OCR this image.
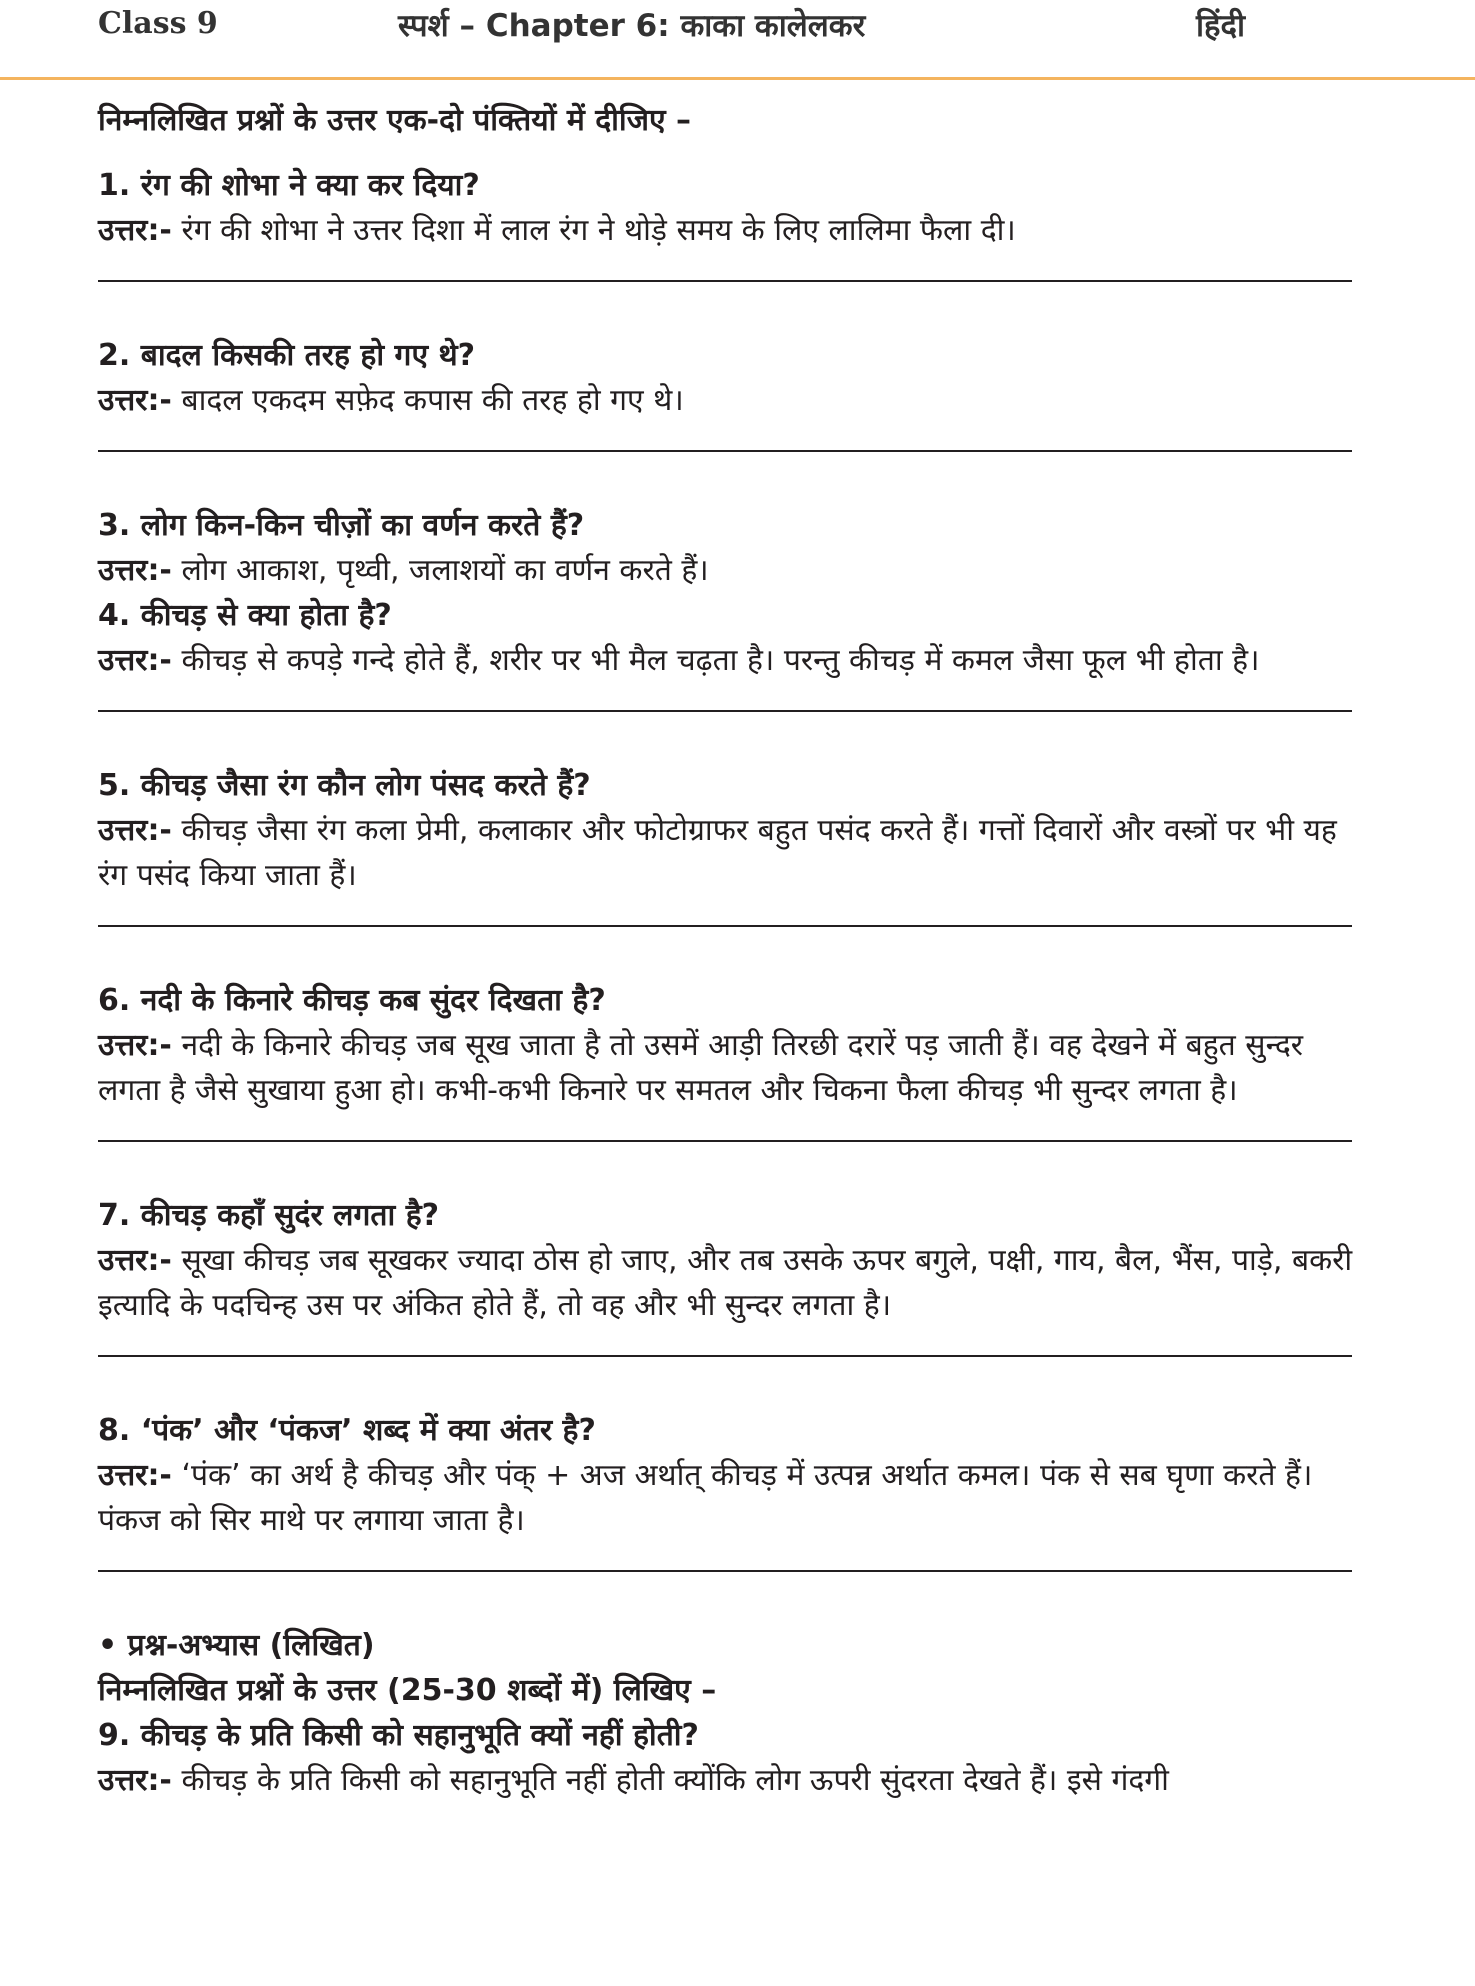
Class 9	स्पर्श – Chapter 6: काका कालेलकर	हिंदी

निम्नलिखित प्रश्नों के उत्तर एक-दो पंक्तियों में दीजिए –

1. रंग की शोभा ने क्या कर दिया?

उत्तर:- रंग की शोभा ने उत्तर दिशा में लाल रंग ने थोड़े समय के लिए लालिमा फैला दी।

2. बादल किसकी तरह हो गए थे?

उत्तर:- बादल एकदम सफ़ेद कपास की तरह हो गए थे।

3. लोग किन-किन चीज़ों का वर्णन करते हैं?

उत्तर:- लोग आकाश, पृथ्वी, जलाशयों का वर्णन करते हैं।

4. कीचड़ से क्या होता है?

उत्तर:- कीचड़ से कपड़े गन्दे होते हैं, शरीर पर भी मैल चढ़ता है। परन्तु कीचड़ में कमल जैसा फूल भी होता है।

5. कीचड़ जैसा रंग कौन लोग पंसद करते हैं?

उत्तर:- कीचड़ जैसा रंग कला प्रेमी, कलाकार और फोटोग्राफर बहुत पसंद करते हैं। गत्तों दिवारों और वस्त्रों पर भी यह रंग पसंद किया जाता हैं।

6. नदी के किनारे कीचड़ कब सुंदर दिखता है?

उत्तर:- नदी के किनारे कीचड़ जब सूख जाता है तो उसमें आड़ी तिरछी दरारें पड़ जाती हैं। वह देखने में बहुत सुन्दर लगता है जैसे सुखाया हुआ हो। कभी-कभी किनारे पर समतल और चिकना फैला कीचड़ भी सुन्दर लगता है।

7. कीचड़ कहाँ सुदंर लगता है?

उत्तर:- सूखा कीचड़ जब सूखकर ज्यादा ठोस हो जाए, और तब उसके ऊपर बगुले, पक्षी, गाय, बैल, भैंस, पाड़े, बकरी इत्यादि के पदचिन्ह उस पर अंकित होते हैं, तो वह और भी सुन्दर लगता है।

8. ‘पंक’ और ‘पंकज’ शब्द में क्या अंतर है?

उत्तर:- ‘पंक’ का अर्थ है कीचड़ और पंक् + अज अर्थात् कीचड़ में उत्पन्न अर्थात कमल। पंक से सब घृणा करते हैं। पंकज को सिर माथे पर लगाया जाता है।

• प्रश्न-अभ्यास (लिखित)

निम्नलिखित प्रश्नों के उत्तर (25-30 शब्दों में) लिखिए –

9. कीचड़ के प्रति किसी को सहानुभूति क्यों नहीं होती?

उत्तर:- कीचड़ के प्रति किसी को सहानुभूति नहीं होती क्योंकि लोग ऊपरी सुंदरता देखते हैं। इसे गंदगी
